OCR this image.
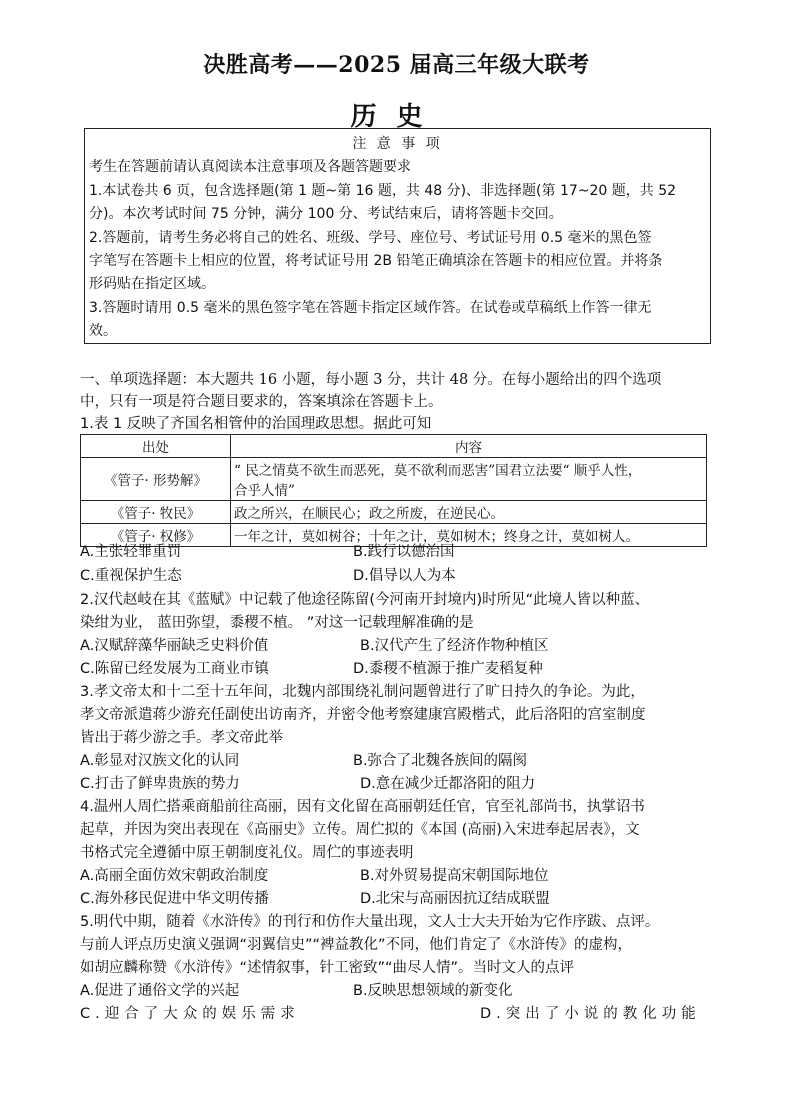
决胜高考——2025 届高三年级大联考
历史
注 意 事 项
考生在答题前请认真阅读本注意事项及各题答题要求
1.本试卷共 6 页，包含选择题(第 1 题~第 16 题，共 48 分)、非选择题(第 17~20 题，共 52
分)。本次考试时间 75 分钟，满分 100 分、考试结束后，请将答题卡交回。
2.答题前，请考生务必将自己的姓名、班级、学号、座位号、考试证号用 0.5 毫米的黑色签
字笔写在答题卡上相应的位置，将考试证号用 2B 铅笔正确填涂在答题卡的相应位置。并将条
形码贴在指定区域。
3.答题时请用 0.5 毫米的黑色签字笔在答题卡指定区域作答。在试卷或草稿纸上作答一律无
效。
一、单项选择题：本大题共 16 小题，每小题 3 分，共计 48 分。在每小题给出的四个选项
中，只有一项是符合题目要求的，答案填涂在答题卡上。
1.表 1 反映了齐国名相管仲的治国理政思想。据此可知
出处	内容
《管子· 形势解》	“ 民之情莫不欲生而恶死，莫不欲利而恶害”国君立法要“ 顺乎人性，
合乎人情”
《管子· 牧民》	政之所兴，在顺民心；政之所废，在逆民心。
《管子· 权修》	一年之计，莫如树谷；十年之计，莫如树木；终身之计，莫如树人。
A.主张轻罪重罚	B.践行以德治国
C.重视保护生态	D.倡导以人为本
2.汉代赵岐在其《蓝赋》中记载了他途径陈留(今河南开封境内)时所见“此境人皆以种蓝、
染绀为业， 蓝田弥望，黍稷不植。 ”对这一记载理解准确的是
A.汉赋辞藻华丽缺乏史料价值	B.汉代产生了经济作物种植区
C.陈留已经发展为工商业市镇	D.黍稷不植源于推广麦稻复种
3.孝文帝太和十二至十五年间，北魏内部围绕礼制问题曾进行了旷日持久的争论。为此，
孝文帝派遣蒋少游充任副使出访南齐，并密令他考察建康宫殿楷式，此后洛阳的宫室制度
皆出于蒋少游之手。孝文帝此举
A.彰显对汉族文化的认同	B.弥合了北魏各族间的隔阂
C.打击了鲜卑贵族的势力	D.意在减少迁都洛阳的阻力
4.温州人周伫搭乘商船前往高丽，因有文化留在高丽朝廷任官，官至礼部尚书，执掌诏书
起草，并因为突出表现在《高丽史》立传。周伫拟的《本国 (高丽)入宋进奉起居表》，文
书格式完全遵循中原王朝制度礼仪。周伫的事迹表明
A.高丽全面仿效宋朝政治制度	B.对外贸易提高宋朝国际地位
C.海外移民促进中华文明传播	D.北宋与高丽因抗辽结成联盟
5.明代中期，随着《水浒传》的刊行和仿作大量出现，文人士大夫开始为它作序跋、点评。
与前人评点历史演义强调“羽翼信史”“裨益教化”不同，他们肯定了《水浒传》的虚构，
如胡应麟称赞《水浒传》“述情叙事，针工密致”“曲尽人情”。当时文人的点评
A.促进了通俗文学的兴起	B.反映思想领域的新变化
C.迎合了大众的娱乐需求	D.突出了小说的教化功能
